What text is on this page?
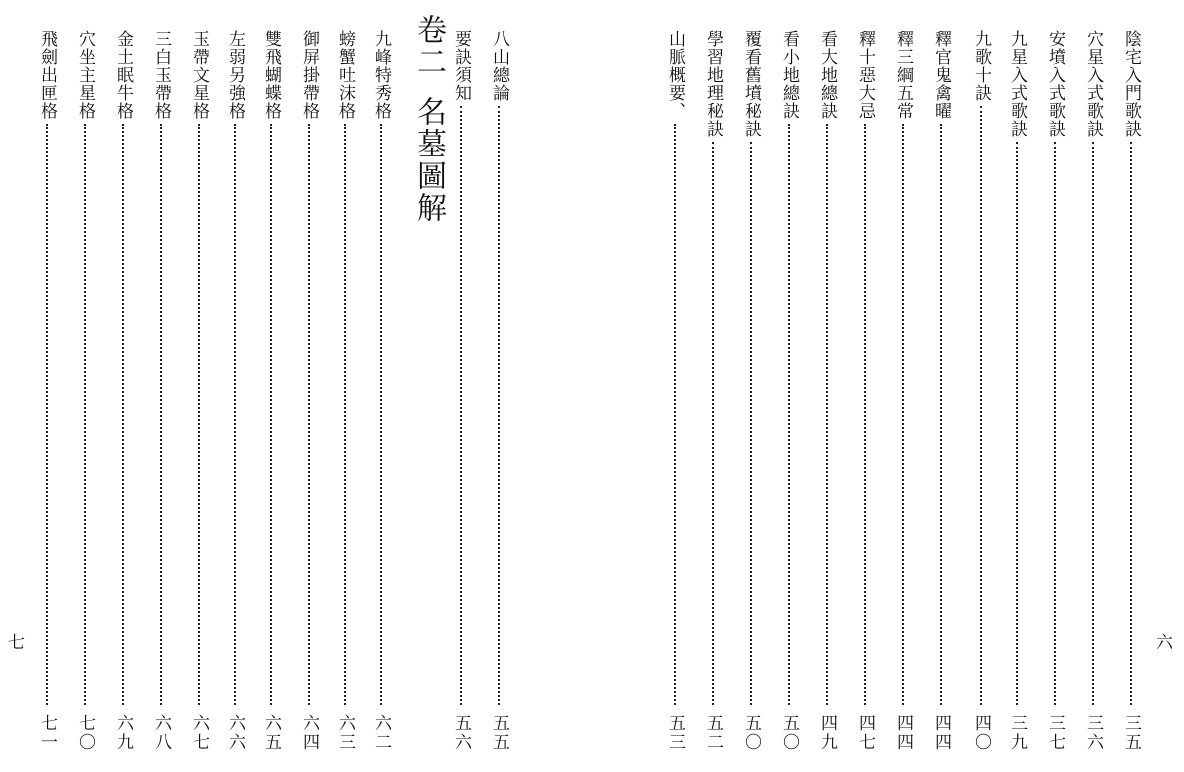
七
八山總論
五五
要訣須知
五六
卷二名墓圖解
九峰特秀格
六二
螃蟹吐沫格
六三
御屏掛帶格
六四
雙飛蝴蝶格
六五
左弱另強格
六六
玉帶文星格
六七
三白玉帶格
六八
金土眠牛格
六九
穴坐主星格
七〇
飛劍出匣格
七一
六
陰宅入門歌訣
三五
穴星入式歌訣
三六
安墳入式歌訣
三七
九星入式歌訣
三九
九歌十訣
四〇
釋官鬼禽曜
四四
釋三綱五常
四四
釋十惡大忌
四七
看大地總訣
四九
看小地總訣
五〇
覆看舊墳秘訣
五〇
學習地理秘訣
五二
山脈概要、
五三
